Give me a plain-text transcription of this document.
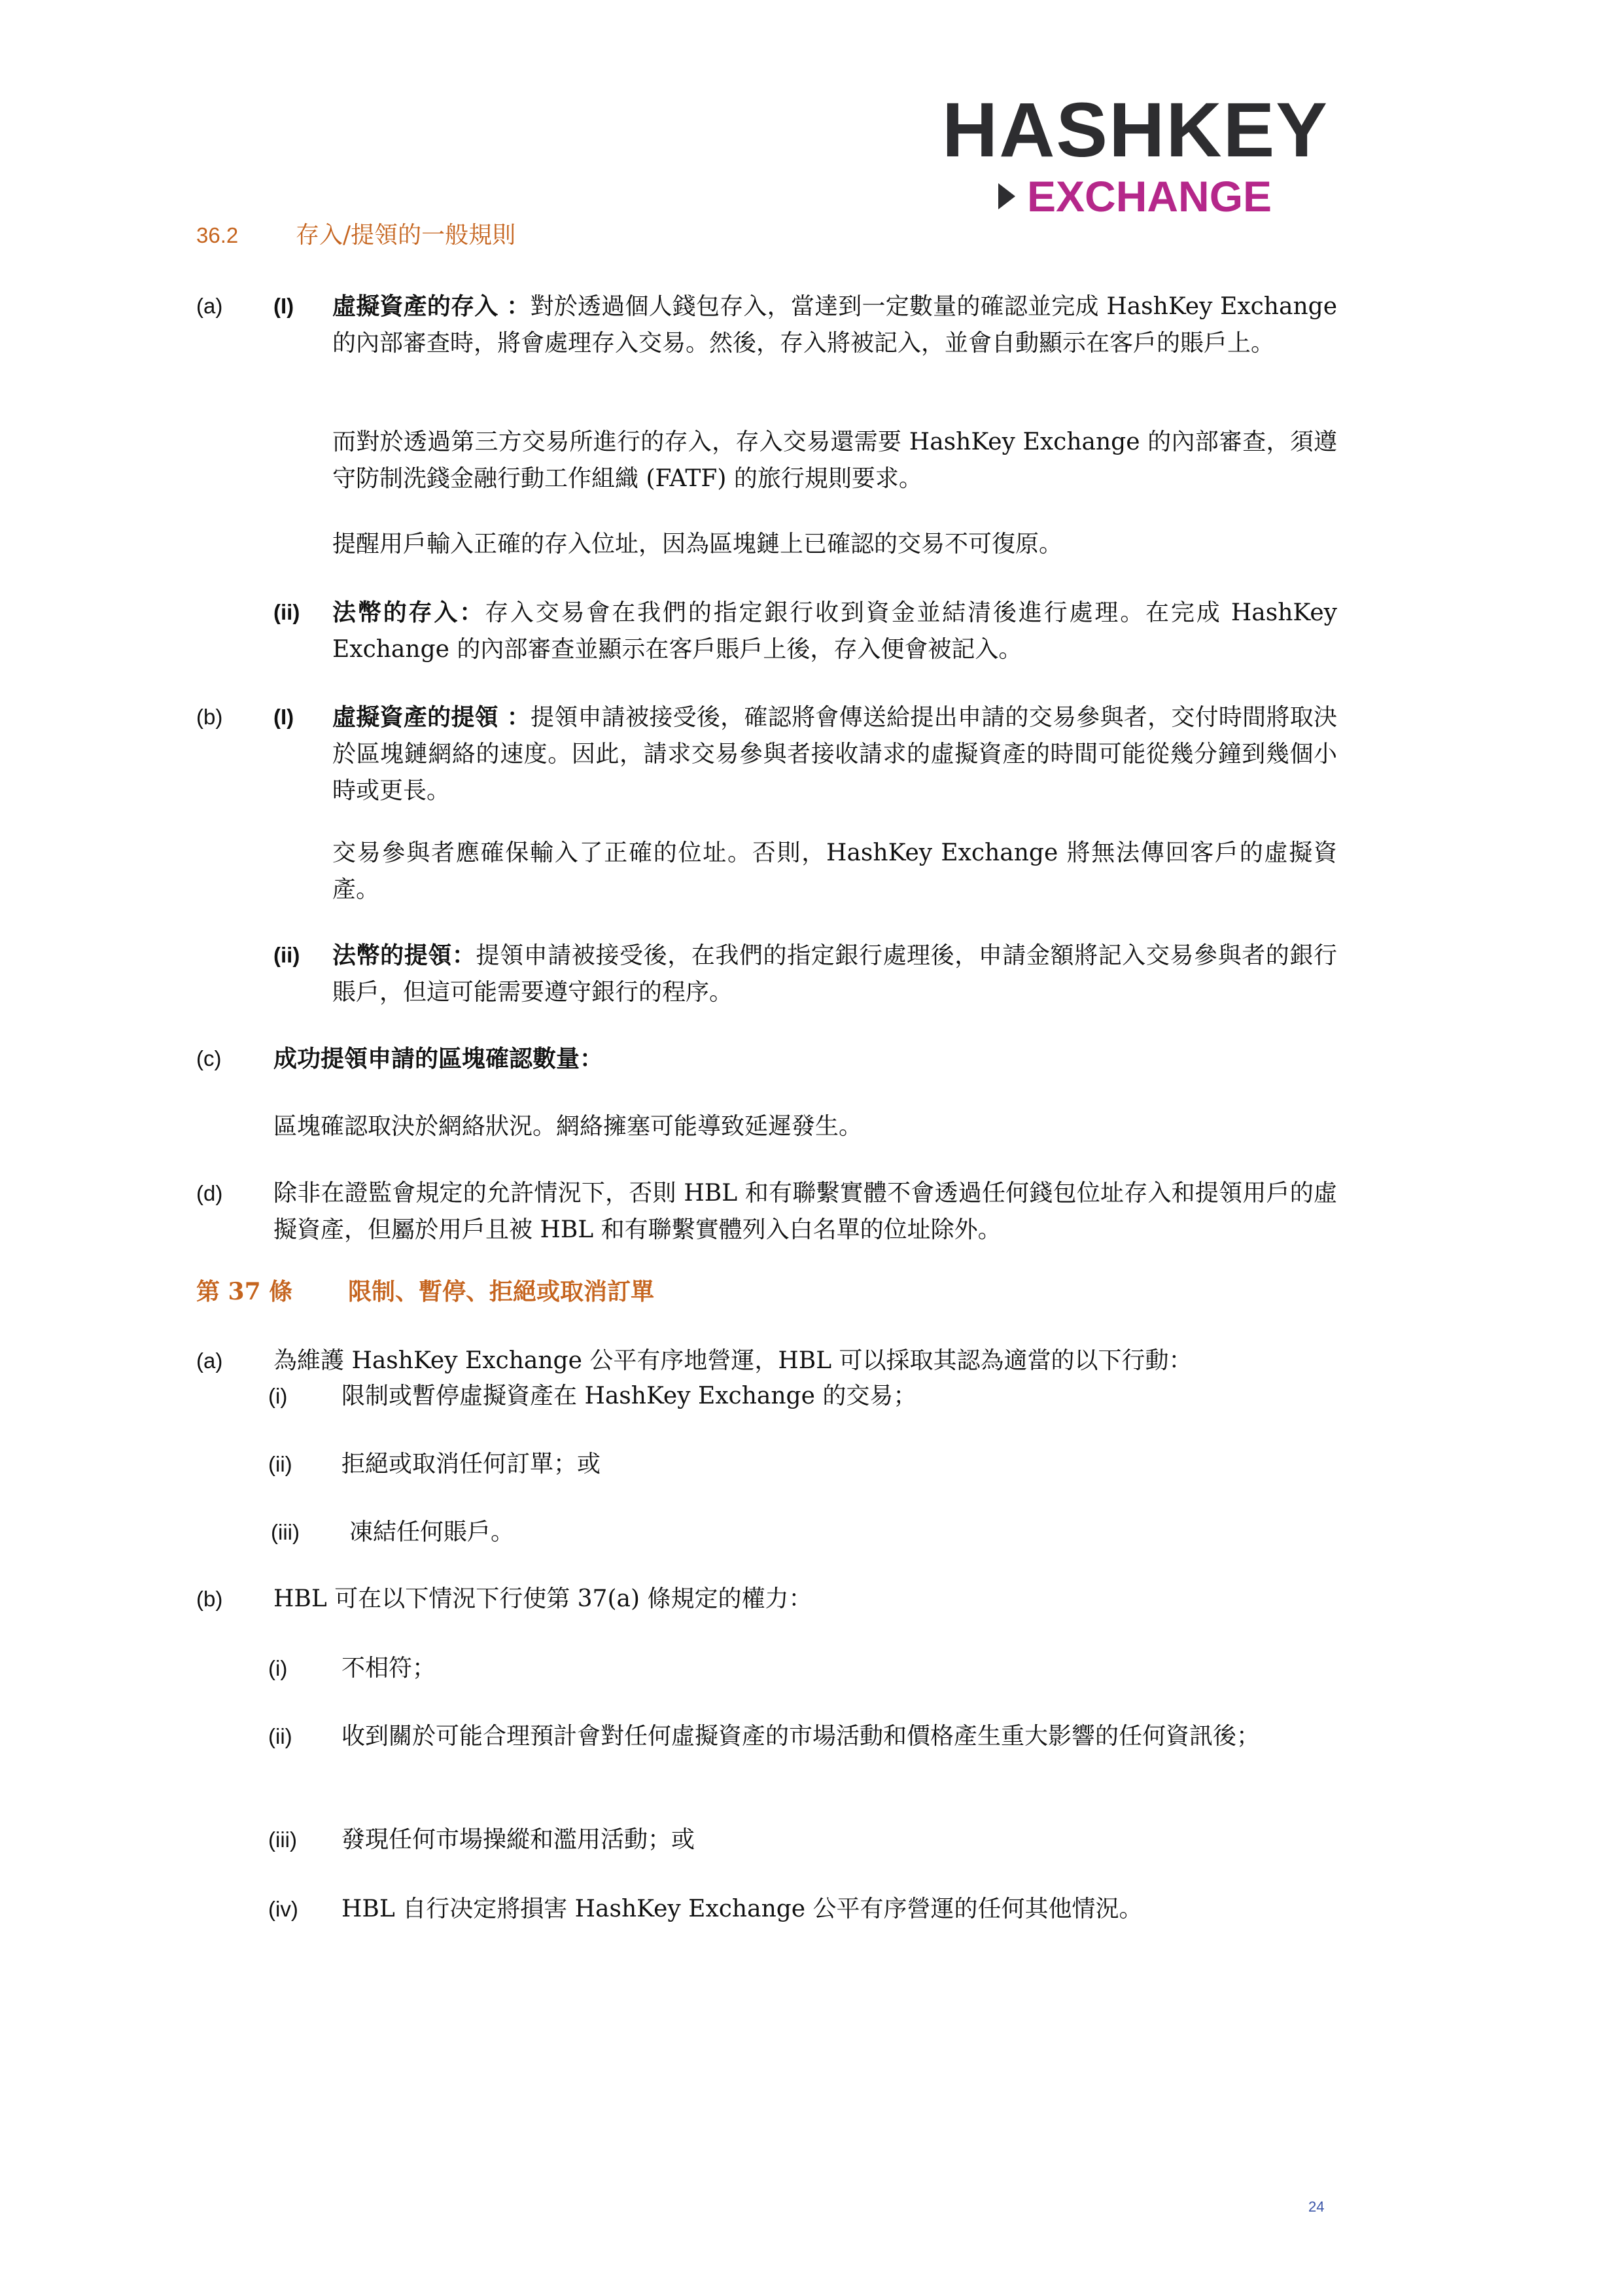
HASHKEY
EXCHANGE
36.2 存入/提領的一般規則
(a) (I) 虛擬資產的存入 ：對於透過個人錢包存入，當達到一定數量的確認並完成 HashKey Exchange 的內部審查時，將會處理存入交易。然後，存入將被記入，並會自動顯示在客戶的賬戶上。
而對於透過第三方交易所進行的存入，存入交易還需要 HashKey Exchange 的內部審查，須遵守防制洗錢金融行動工作組織 (FATF) 的旅行規則要求。
提醒用戶輸入正確的存入位址，因為區塊鏈上已確認的交易不可復原。
(ii) 法幣的存入：存入交易會在我們的指定銀行收到資金並結清後進行處理。在完成 HashKey Exchange 的內部審查並顯示在客戶賬戶上後，存入便會被記入。
(b) (I) 虛擬資產的提領 ：提領申請被接受後，確認將會傳送給提出申請的交易參與者，交付時間將取決於區塊鏈網絡的速度。因此，請求交易參與者接收請求的虛擬資產的時間可能從幾分鐘到幾個小時或更長。
交易參與者應確保輸入了正確的位址。否則，HashKey Exchange 將無法傳回客戶的虛擬資產。
(ii) 法幣的提領：提領申請被接受後，在我們的指定銀行處理後，申請金額將記入交易參與者的銀行賬戶，但這可能需要遵守銀行的程序。
(c) 成功提領申請的區塊確認數量：
區塊確認取決於網絡狀況。網絡擁塞可能導致延遲發生。
(d) 除非在證監會規定的允許情況下，否則 HBL 和有聯繫實體不會透過任何錢包位址存入和提領用戶的虛擬資產，但屬於用戶且被 HBL 和有聯繫實體列入白名單的位址除外。
第 37 條 限制、暫停、拒絕或取消訂單
(a) 為維護 HashKey Exchange 公平有序地營運，HBL 可以採取其認為適當的以下行動：
(i) 限制或暫停虛擬資產在 HashKey Exchange 的交易；
(ii) 拒絕或取消任何訂單；或
(iii) 凍結任何賬戶。
(b) HBL 可在以下情況下行使第 37(a) 條規定的權力：
(i) 不相符；
(ii) 收到關於可能合理預計會對任何虛擬資產的市場活動和價格產生重大影響的任何資訊後；
(iii) 發現任何市場操縱和濫用活動；或
(iv) HBL 自行决定將損害 HashKey Exchange 公平有序營運的任何其他情況。
24
